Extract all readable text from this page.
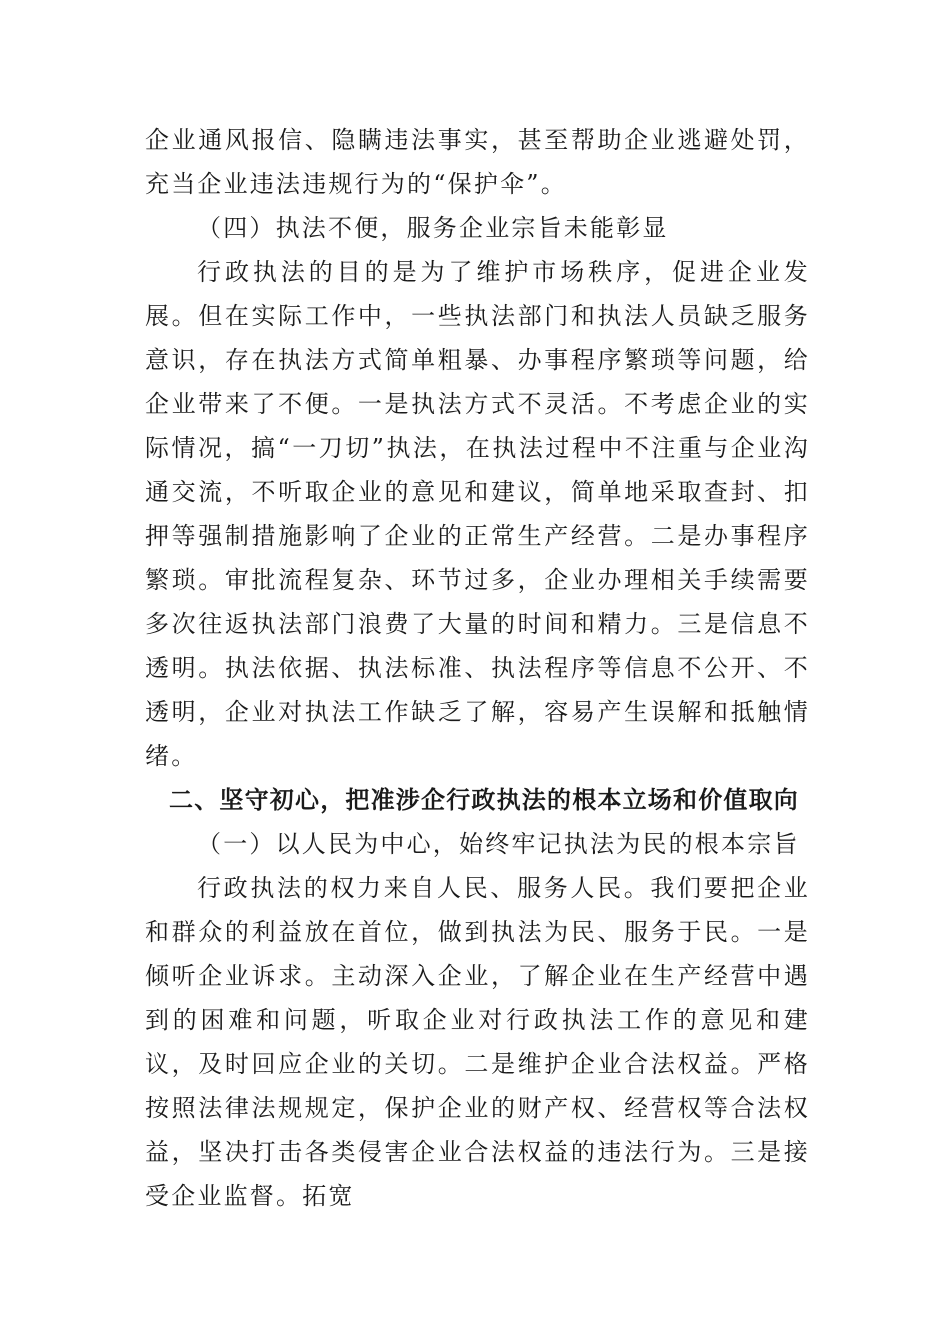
企业通风报信、隐瞒违法事实，甚至帮助企业逃避处罚，充当企业违法违规行为的“保护伞”。

（四）执法不便，服务企业宗旨未能彰显

行政执法的目的是为了维护市场秩序，促进企业发展。但在实际工作中，一些执法部门和执法人员缺乏服务意识，存在执法方式简单粗暴、办事程序繁琐等问题，给企业带来了不便。一是执法方式不灵活。不考虑企业的实际情况，搞“一刀切”执法，在执法过程中不注重与企业沟通交流，不听取企业的意见和建议，简单地采取查封、扣押等强制措施影响了企业的正常生产经营。二是办事程序繁琐。审批流程复杂、环节过多，企业办理相关手续需要多次往返执法部门浪费了大量的时间和精力。三是信息不透明。执法依据、执法标准、执法程序等信息不公开、不透明，企业对执法工作缺乏了解，容易产生误解和抵触情绪。

二、坚守初心，把准涉企行政执法的根本立场和价值取向

（一）以人民为中心，始终牢记执法为民的根本宗旨

行政执法的权力来自人民、服务人民。我们要把企业和群众的利益放在首位，做到执法为民、服务于民。一是倾听企业诉求。主动深入企业，了解企业在生产经营中遇到的困难和问题，听取企业对行政执法工作的意见和建议，及时回应企业的关切。二是维护企业合法权益。严格按照法律法规规定，保护企业的财产权、经营权等合法权益，坚决打击各类侵害企业合法权益的违法行为。三是接受企业监督。拓宽
